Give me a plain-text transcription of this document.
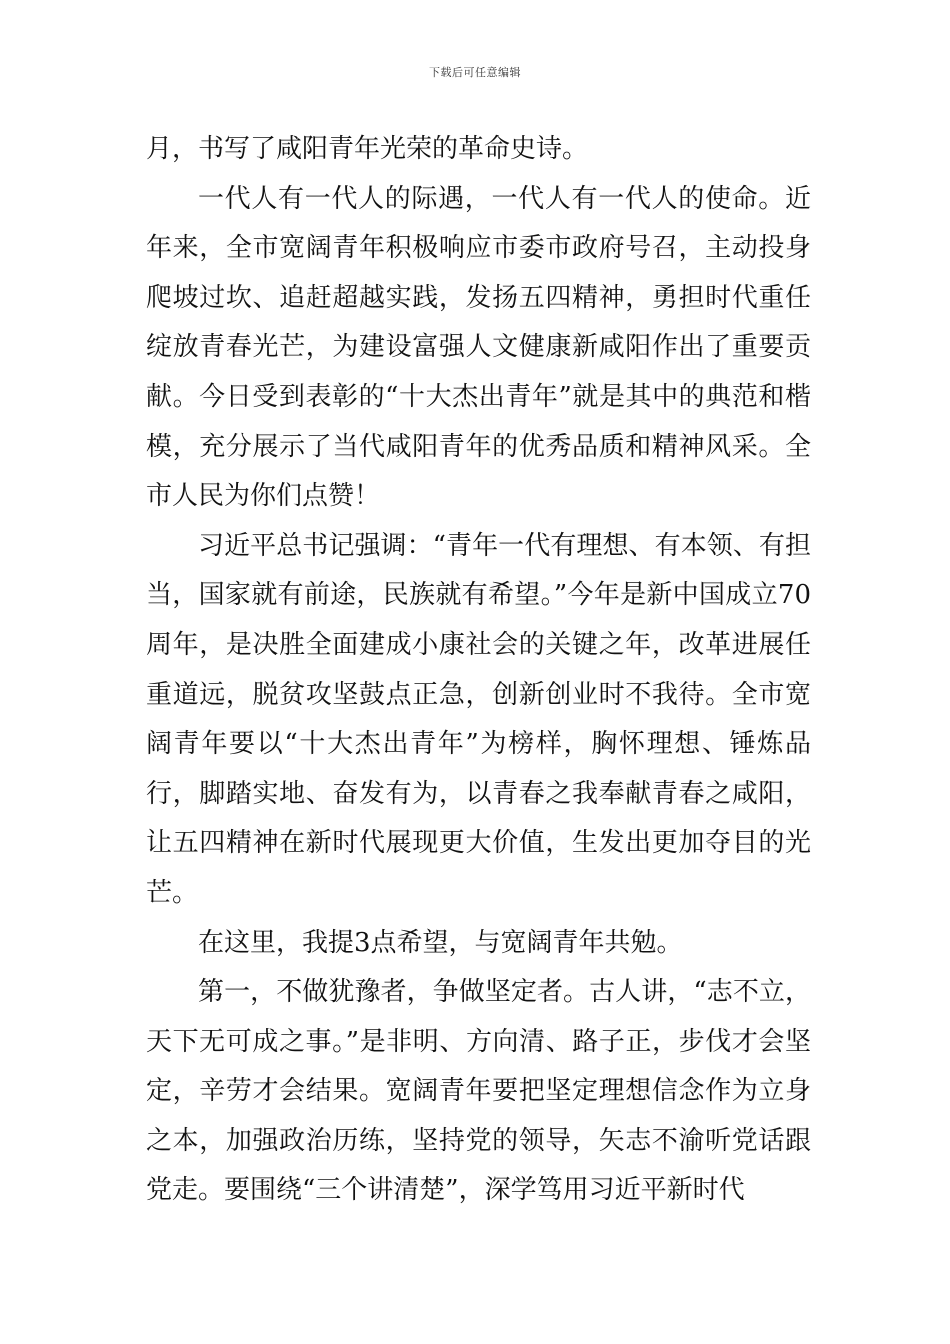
下载后可任意编辑

月，书写了咸阳青年光荣的革命史诗。

一代人有一代人的际遇，一代人有一代人的使命。近年来，全市宽阔青年积极响应市委市政府号召，主动投身爬坡过坎、追赶超越实践，发扬五四精神，勇担时代重任绽放青春光芒，为建设富强人文健康新咸阳作出了重要贡献。今日受到表彰的“十大杰出青年”就是其中的典范和楷模，充分展示了当代咸阳青年的优秀品质和精神风采。全市人民为你们点赞！

习近平总书记强调：“青年一代有理想、有本领、有担当，国家就有前途，民族就有希望。”今年是新中国成立70周年，是决胜全面建成小康社会的关键之年，改革进展任重道远，脱贫攻坚鼓点正急，创新创业时不我待。全市宽阔青年要以“十大杰出青年”为榜样，胸怀理想、锤炼品行，脚踏实地、奋发有为，以青春之我奉献青春之咸阳，让五四精神在新时代展现更大价值，生发出更加夺目的光芒。

在这里，我提3点希望，与宽阔青年共勉。

第一，不做犹豫者，争做坚定者。古人讲，“志不立，天下无可成之事。”是非明、方向清、路子正，步伐才会坚定，辛劳才会结果。宽阔青年要把坚定理想信念作为立身之本，加强政治历练，坚持党的领导，矢志不渝听党话跟党走。要围绕“三个讲清楚”，深学笃用习近平新时代
